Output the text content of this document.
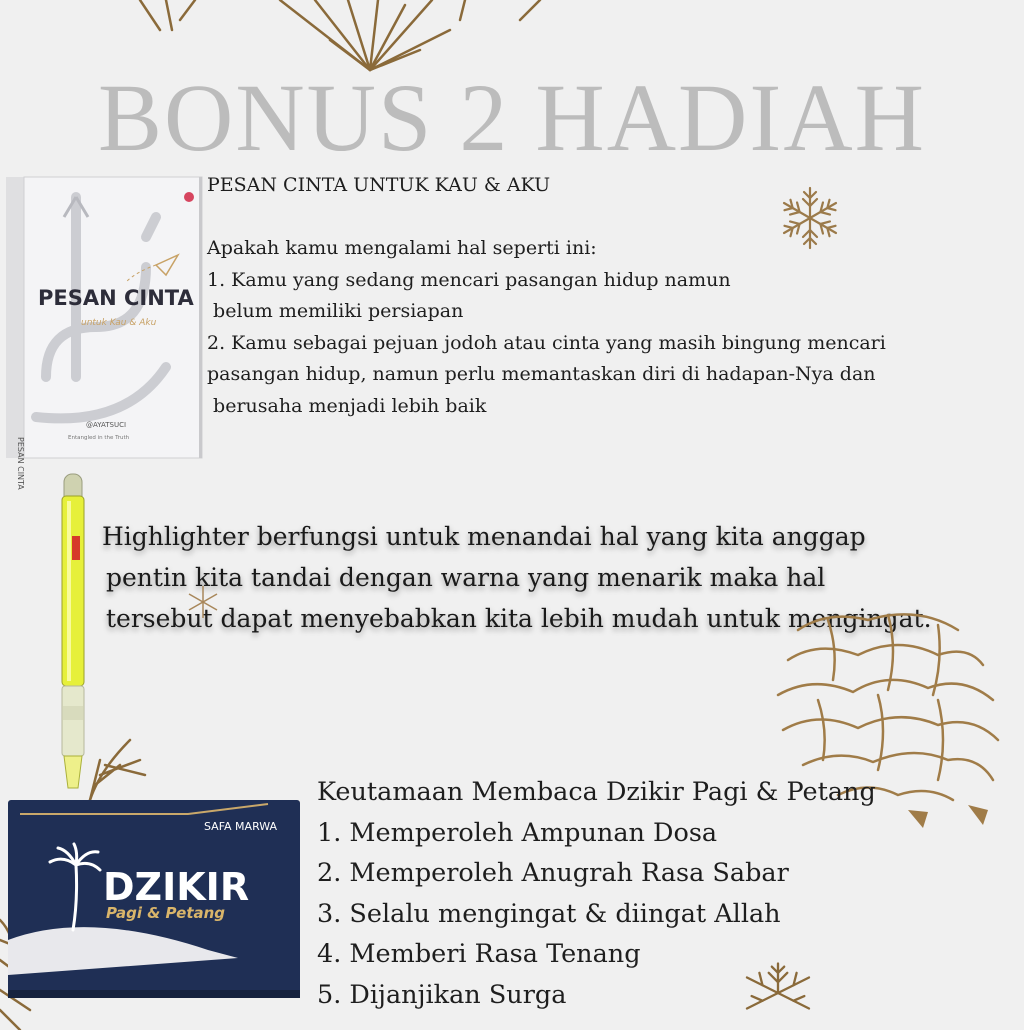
BONUS 2 HADIAH
PESAN CINTA
untuk Kau & Aku
@AYATSUCI
Entangled in the Truth
PESAN CINTA
PESAN CINTA UNTUK KAU & AKU
Apakah kamu mengalami hal seperti ini:
1. Kamu yang sedang mencari pasangan hidup namun
belum memiliki persiapan
2. Kamu sebagai pejuan jodoh atau cinta yang masih bingung mencari
pasangan hidup, namun perlu memantaskan diri di hadapan-Nya dan
berusaha menjadi lebih baik
Highlighter berfungsi untuk menandai hal yang kita anggap
pentin kita tandai dengan warna yang menarik maka hal
tersebut dapat menyebabkan kita lebih mudah untuk mengingat.
SAFA MARWA
DZIKIR
Pagi & Petang
Keutamaan Membaca Dzikir Pagi & Petang
1. Memperoleh Ampunan Dosa
2. Memperoleh Anugrah Rasa Sabar
3. Selalu mengingat & diingat Allah
4. Memberi Rasa Tenang
5. Dijanjikan Surga
